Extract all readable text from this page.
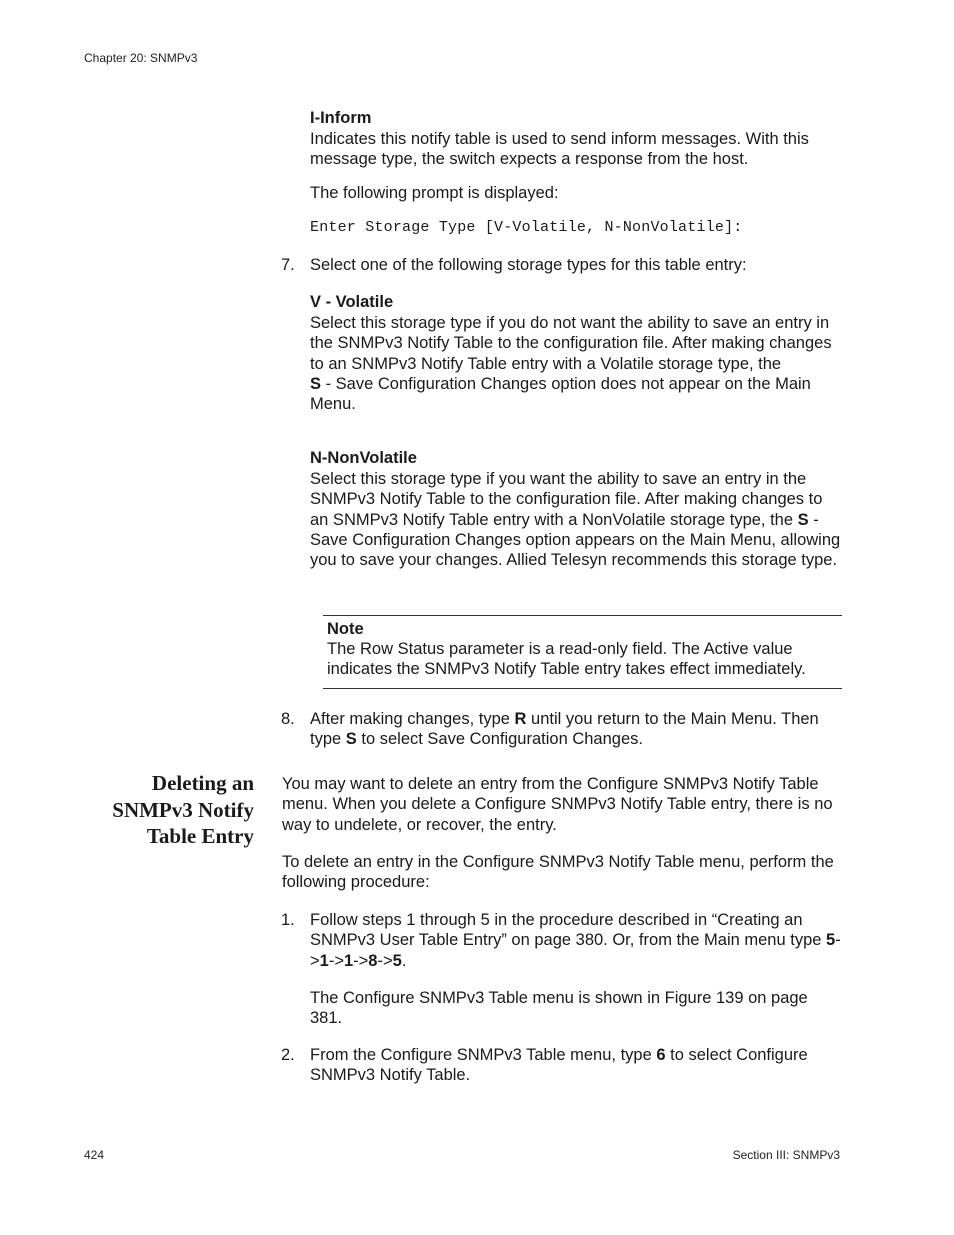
Chapter 20: SNMPv3
I-Inform
Indicates this notify table is used to send inform messages. With this message type, the switch expects a response from the host.
The following prompt is displayed:
Enter Storage Type [V-Volatile, N-NonVolatile]:
7. Select one of the following storage types for this table entry:
V - Volatile
Select this storage type if you do not want the ability to save an entry in the SNMPv3 Notify Table to the configuration file. After making changes to an SNMPv3 Notify Table entry with a Volatile storage type, the
S - Save Configuration Changes option does not appear on the Main Menu.
N-NonVolatile
Select this storage type if you want the ability to save an entry in the SNMPv3 Notify Table to the configuration file. After making changes to an SNMPv3 Notify Table entry with a NonVolatile storage type, the S - Save Configuration Changes option appears on the Main Menu, allowing you to save your changes. Allied Telesyn recommends this storage type.
Note
The Row Status parameter is a read-only field. The Active value indicates the SNMPv3 Notify Table entry takes effect immediately.
8. After making changes, type R until you return to the Main Menu. Then type S to select Save Configuration Changes.
Deleting an
SNMPv3 Notify
Table Entry
You may want to delete an entry from the Configure SNMPv3 Notify Table menu. When you delete a Configure SNMPv3 Notify Table entry, there is no way to undelete, or recover, the entry.
To delete an entry in the Configure SNMPv3 Notify Table menu, perform the following procedure:
1. Follow steps 1 through 5 in the procedure described in “Creating an SNMPv3 User Table Entry” on page 380. Or, from the Main menu type 5->1->1->8->5.
The Configure SNMPv3 Table menu is shown in Figure 139 on page 381.
2. From the Configure SNMPv3 Table menu, type 6 to select Configure SNMPv3 Notify Table.
424	Section III: SNMPv3
